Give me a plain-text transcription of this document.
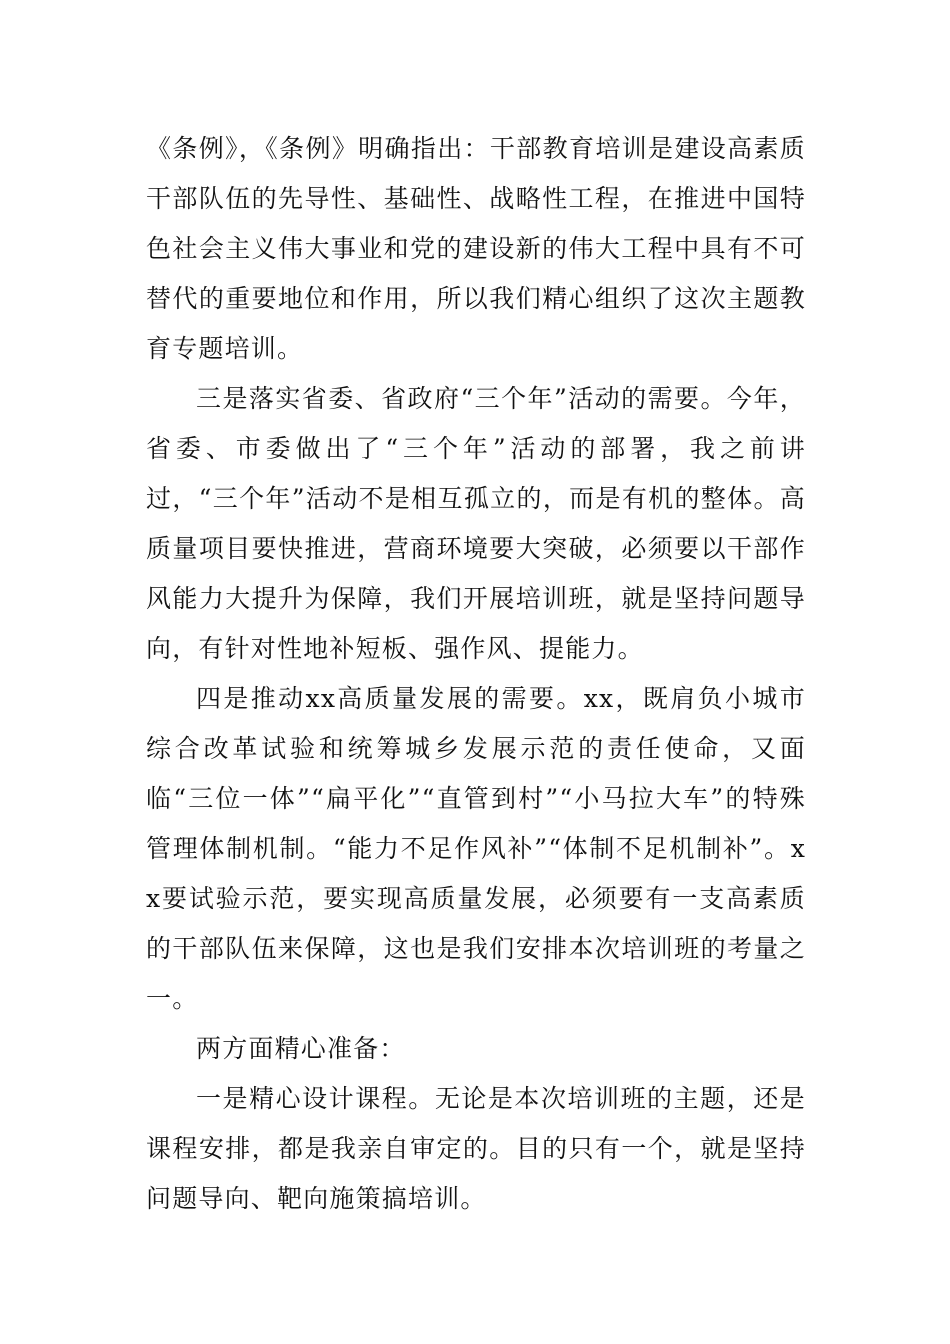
《条例》，《条例》明确指出：干部教育培训是建设高素质干部队伍的先导性、基础性、战略性工程，在推进中国特色社会主义伟大事业和党的建设新的伟大工程中具有不可替代的重要地位和作用，所以我们精心组织了这次主题教育专题培训。

三是落实省委、省政府“三个年”活动的需要。今年，省委、市委做出了“三个年”活动的部署，我之前讲过，“三个年”活动不是相互孤立的，而是有机的整体。高质量项目要快推进，营商环境要大突破，必须要以干部作风能力大提升为保障，我们开展培训班，就是坚持问题导向，有针对性地补短板、强作风、提能力。

四是推动xx高质量发展的需要。xx，既肩负小城市综合改革试验和统筹城乡发展示范的责任使命，又面临“三位一体”“扁平化”“直管到村”“小马拉大车”的特殊管理体制机制。“能力不足作风补”“体制不足机制补”。xx要试验示范，要实现高质量发展，必须要有一支高素质的干部队伍来保障，这也是我们安排本次培训班的考量之一。

两方面精心准备：

一是精心设计课程。无论是本次培训班的主题，还是课程安排，都是我亲自审定的。目的只有一个，就是坚持问题导向、靶向施策搞培训。
